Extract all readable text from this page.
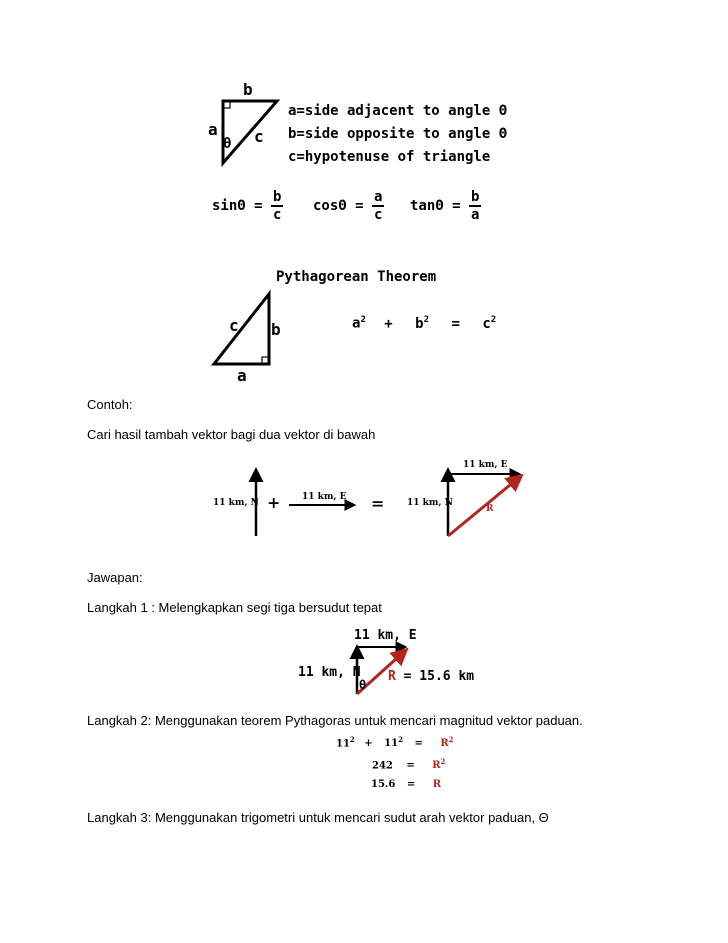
b
a c
θ
a=side adjacent to angle Θ
b=side opposite to angle Θ
c=hypotenuse of triangle
$\sin\Theta = \frac{b}{c}$ $\cos\Theta = \frac{a}{c}$ $\tan\Theta = \frac{b}{a}$
Pythagorean Theorem
c b
a
$a^2 + b^2 = c^2$
Contoh:
Cari hasil tambah vektor bagi dua vektor di bawah
11 km, N + 11 km, E =	11 km, N
11 km, E
R
Jawapan:
Langkah 1 : Melengkapkan segi tiga bersudut tepat
11 km, E
11 km, N
θ
R = 15.6 km
Langkah 2: Menggunakan teorem Pythagoras untuk mencari magnitud vektor paduan.
$11^2 + 11^2 = R^2$
$242 = R^2$
15.6 = R
Langkah 3: Menggunakan trigometri untuk mencari sudut arah vektor paduan, Θ
